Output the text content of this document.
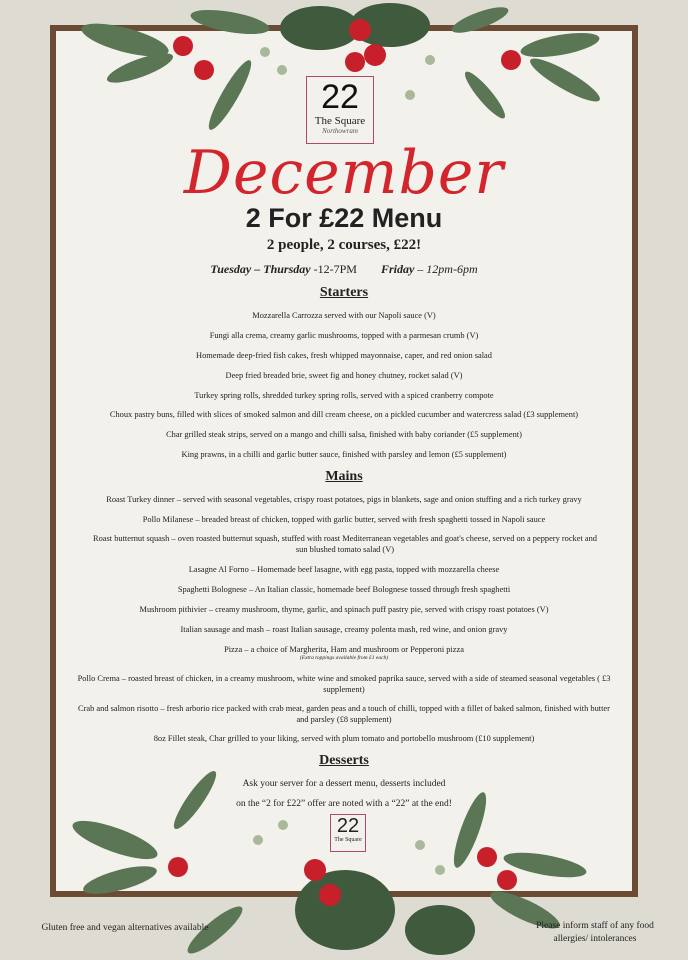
22
The Square
Northowram
December
2 For £22 Menu
2 people, 2 courses, £22!
Tuesday – Thursday -12-7PM Friday – 12pm-6pm
Starters
Mozzarella Carrozza served with our Napoli sauce (V)
Fungi alla crema, creamy garlic mushrooms, topped with a parmesan crumb (V)
Homemade deep-fried fish cakes, fresh whipped mayonnaise, caper, and red onion salad
Deep fried breaded brie, sweet fig and honey chutney, rocket salad (V)
Turkey spring rolls, shredded turkey spring rolls, served with a spiced cranberry compote
Choux pastry buns, filled with slices of smoked salmon and dill cream cheese, on a pickled cucumber and watercress salad (£3 supplement)
Char grilled steak strips, served on a mango and chilli salsa, finished with baby coriander (£5 supplement)
King prawns, in a chilli and garlic butter sauce, finished with parsley and lemon (£5 supplement)
Mains
Roast Turkey dinner – served with seasonal vegetables, crispy roast potatoes, pigs in blankets, sage and onion stuffing and a rich turkey gravy
Pollo Milanese – breaded breast of chicken, topped with garlic butter, served with fresh spaghetti tossed in Napoli sauce
Roast butternut squash – oven roasted butternut squash, stuffed with roast Mediterranean vegetables and goat's cheese, served on a peppery rocket and sun blushed tomato salad (V)
Lasagne Al Forno – Homemade beef lasagne, with egg pasta, topped with mozzarella cheese
Spaghetti Bolognese – An Italian classic, homemade beef Bolognese tossed through fresh spaghetti
Mushroom pithivier – creamy mushroom, thyme, garlic, and spinach puff pastry pie, served with crispy roast potatoes (V)
Italian sausage and mash – roast Italian sausage, creamy polenta mash, red wine, and onion gravy
Pizza – a choice of Margherita, Ham and mushroom or Pepperoni pizza
(Extra toppings available from £1 each)
Pollo Crema – roasted breast of chicken, in a creamy mushroom, white wine and smoked paprika sauce, served with a side of steamed seasonal vegetables ( £3 supplement)
Crab and salmon risotto – fresh arborio rice packed with crab meat, garden peas and a touch of chilli, topped with a fillet of baked salmon, finished with butter and parsley (£8 supplement)
8oz Fillet steak, Char grilled to your liking, served with plum tomato and portobello mushroom (£10 supplement)
Desserts
Ask your server for a dessert menu, desserts included
on the “2 for £22” offer are noted with a “22” at the end!
22
The Square
Gluten free and vegan alternatives available	Please inform staff of any food allergies/ intolerances
